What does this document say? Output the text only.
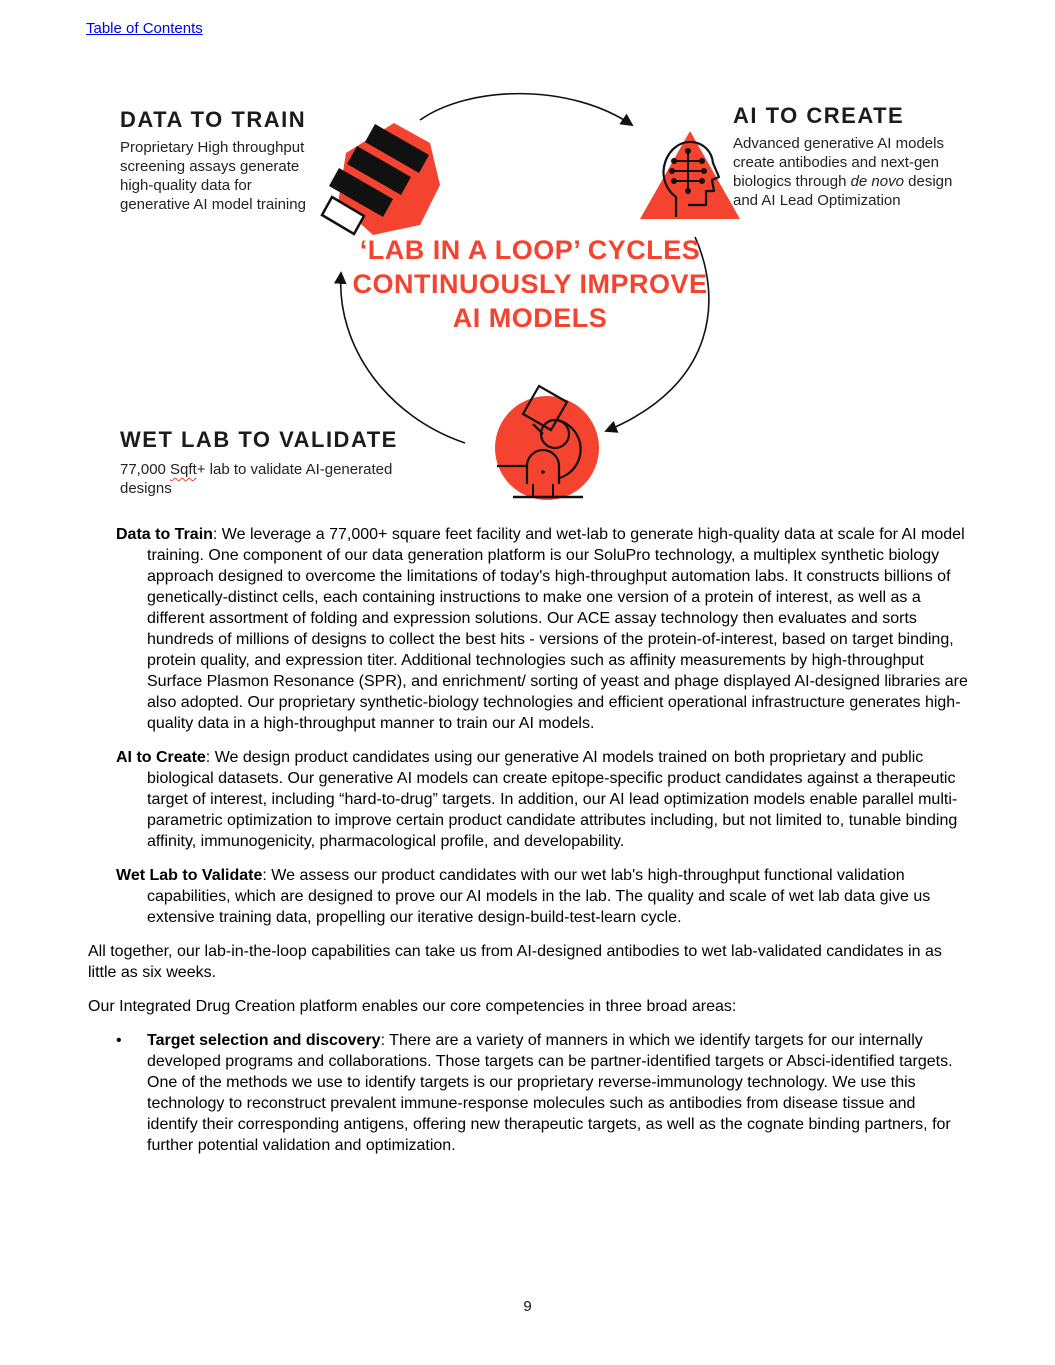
Table of Contents
DATA TO TRAIN
Proprietary High throughput screening assays generate high-quality data for generative AI model training
AI TO CREATE
Advanced generative AI models create antibodies and next-gen biologics through de novo design and AI Lead Optimization
‘LAB IN A LOOP’ CYCLES
CONTINUOUSLY IMPROVE
AI MODELS
WET LAB TO VALIDATE
77,000 Sqft+ lab to validate AI-generated designs

Data to Train: We leverage a 77,000+ square feet facility and wet-lab to generate high-quality data at scale for AI model training. One component of our data generation platform is our SoluPro technology, a multiplex synthetic biology approach designed to overcome the limitations of today's high-throughput automation labs. It constructs billions of genetically-distinct cells, each containing instructions to make one version of a protein of interest, as well as a different assortment of folding and expression solutions. Our ACE assay technology then evaluates and sorts hundreds of millions of designs to collect the best hits - versions of the protein-of-interest, based on target binding, protein quality, and expression titer. Additional technologies such as affinity measurements by high-throughput Surface Plasmon Resonance (SPR), and enrichment/ sorting of yeast and phage displayed AI-designed libraries are also adopted. Our proprietary synthetic-biology technologies and efficient operational infrastructure generates high-quality data in a high-throughput manner to train our AI models.

AI to Create: We design product candidates using our generative AI models trained on both proprietary and public biological datasets. Our generative AI models can create epitope-specific product candidates against a therapeutic target of interest, including “hard-to-drug” targets. In addition, our AI lead optimization models enable parallel multi-parametric optimization to improve certain product candidate attributes including, but not limited to, tunable binding affinity, immunogenicity, pharmacological profile, and developability.

Wet Lab to Validate: We assess our product candidates with our wet lab's high-throughput functional validation capabilities, which are designed to prove our AI models in the lab. The quality and scale of wet lab data give us extensive training data, propelling our iterative design-build-test-learn cycle.

All together, our lab-in-the-loop capabilities can take us from AI-designed antibodies to wet lab-validated candidates in as little as six weeks.

Our Integrated Drug Creation platform enables our core competencies in three broad areas:

•	Target selection and discovery: There are a variety of manners in which we identify targets for our internally developed programs and collaborations. Those targets can be partner-identified targets or Absci-identified targets. One of the methods we use to identify targets is our proprietary reverse-immunology technology. We use this technology to reconstruct prevalent immune-response molecules such as antibodies from disease tissue and identify their corresponding antigens, offering new therapeutic targets, as well as the cognate binding partners, for further potential validation and optimization.
9
